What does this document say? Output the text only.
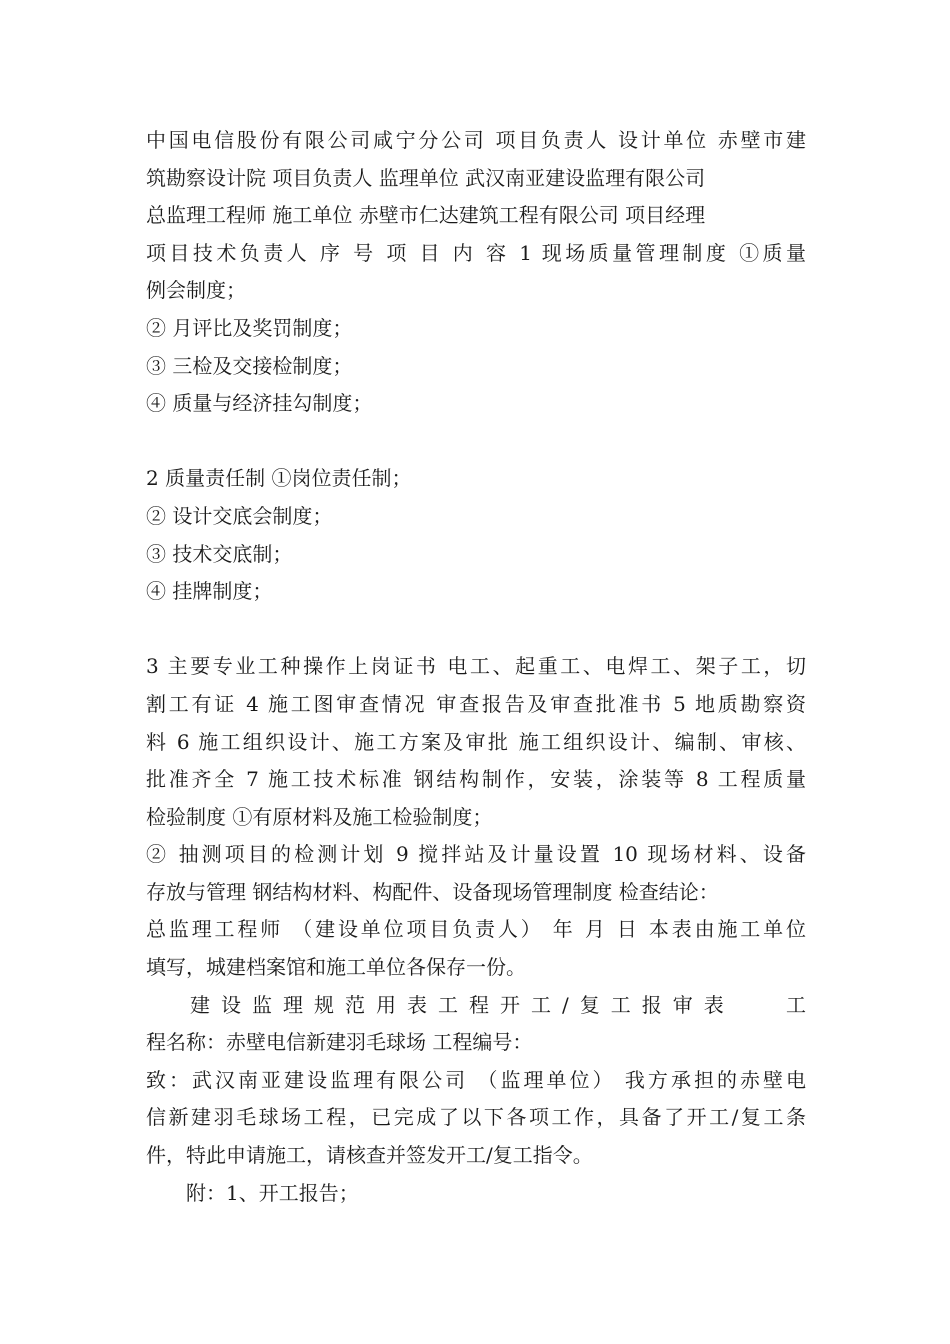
中国电信股份有限公司咸宁分公司 项目负责人 设计单位 赤壁市建
筑勘察设计院 项目负责人 监理单位 武汉南亚建设监理有限公司
总监理工程师 施工单位 赤壁市仁达建筑工程有限公司 项目经理
项目技术负责人 序 号 项 目 内 容 1 现场质量管理制度 ①质量
例会制度；
② 月评比及奖罚制度；
③ 三检及交接检制度；
④ 质量与经济挂勾制度；
2 质量责任制 ①岗位责任制；
② 设计交底会制度；
③ 技术交底制；
④ 挂牌制度；
3 主要专业工种操作上岗证书 电工、起重工、电焊工、架子工，切
割工有证 4 施工图审查情况 审查报告及审查批准书 5 地质勘察资
料 6 施工组织设计、施工方案及审批 施工组织设计、编制、审核、
批准齐全 7 施工技术标准 钢结构制作，安装，涂装等 8 工程质量
检验制度 ①有原材料及施工检验制度；
② 抽测项目的检测计划 9 搅拌站及计量设置 10 现场材料、设备
存放与管理 钢结构材料、构配件、设备现场管理制度 检查结论：
总监理工程师 （建设单位项目负责人） 年 月 日 本表由施工单位
填写，城建档案馆和施工单位各保存一份。
建设监理规范用表工程开工/复工报审表	工
程名称：赤壁电信新建羽毛球场 工程编号：
致：武汉南亚建设监理有限公司 （监理单位） 我方承担的赤壁电
信新建羽毛球场工程，已完成了以下各项工作，具备了开工/复工条
件，特此申请施工，请核查并签发开工/复工指令。
　　附：1、开工报告；
